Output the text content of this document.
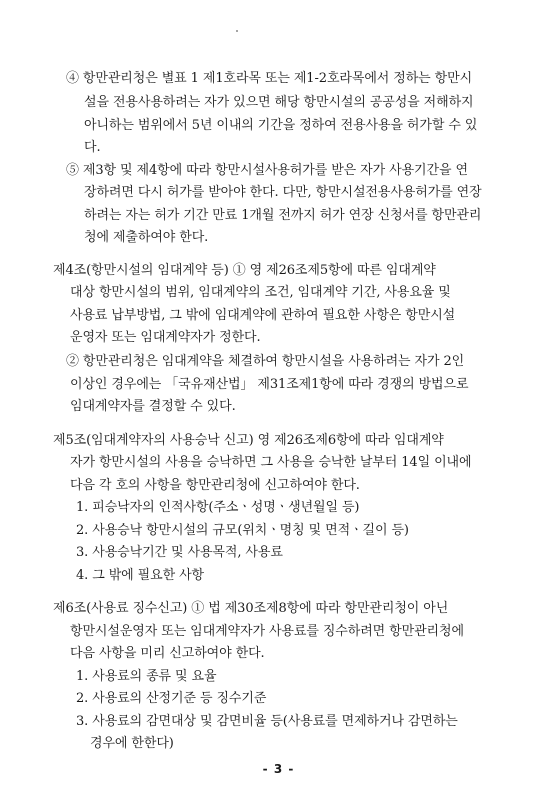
④ 항만관리청은 별표 1 제1호라목 또는 제1-2호라목에서 정하는 항만시
설을 전용사용하려는 자가 있으면 해당 항만시설의 공공성을 저해하지
아니하는 범위에서 5년 이내의 기간을 정하여 전용사용을 허가할 수 있
다.
⑤ 제3항 및 제4항에 따라 항만시설사용허가를 받은 자가 사용기간을 연
장하려면 다시 허가를 받아야 한다. 다만, 항만시설전용사용허가를 연장
하려는 자는 허가 기간 만료 1개월 전까지 허가 연장 신청서를 항만관리
청에 제출하여야 한다.
제4조(항만시설의 임대계약 등) ① 영 제26조제5항에 따른 임대계약
대상 항만시설의 범위, 임대계약의 조건, 임대계약 기간, 사용요율 및
사용료 납부방법, 그 밖에 임대계약에 관하여 필요한 사항은 항만시설
운영자 또는 임대계약자가 정한다.
② 항만관리청은 임대계약을 체결하여 항만시설을 사용하려는 자가 2인
이상인 경우에는 「국유재산법」 제31조제1항에 따라 경쟁의 방법으로
임대계약자를 결정할 수 있다.
제5조(임대계약자의 사용승낙 신고) 영 제26조제6항에 따라 임대계약
자가 항만시설의 사용을 승낙하면 그 사용을 승낙한 날부터 14일 이내에
다음 각 호의 사항을 항만관리청에 신고하여야 한다.
1. 피승낙자의 인적사항(주소ㆍ성명ㆍ생년월일 등)
2. 사용승낙 항만시설의 규모(위치ㆍ명칭 및 면적ㆍ길이 등)
3. 사용승낙기간 및 사용목적, 사용료
4. 그 밖에 필요한 사항
제6조(사용료 징수신고) ① 법 제30조제8항에 따라 항만관리청이 아닌
항만시설운영자 또는 임대계약자가 사용료를 징수하려면 항만관리청에
다음 사항을 미리 신고하여야 한다.
1. 사용료의 종류 및 요율
2. 사용료의 산정기준 등 징수기준
3. 사용료의 감면대상 및 감면비율 등(사용료를 면제하거나 감면하는
경우에 한한다)
- 3 -
